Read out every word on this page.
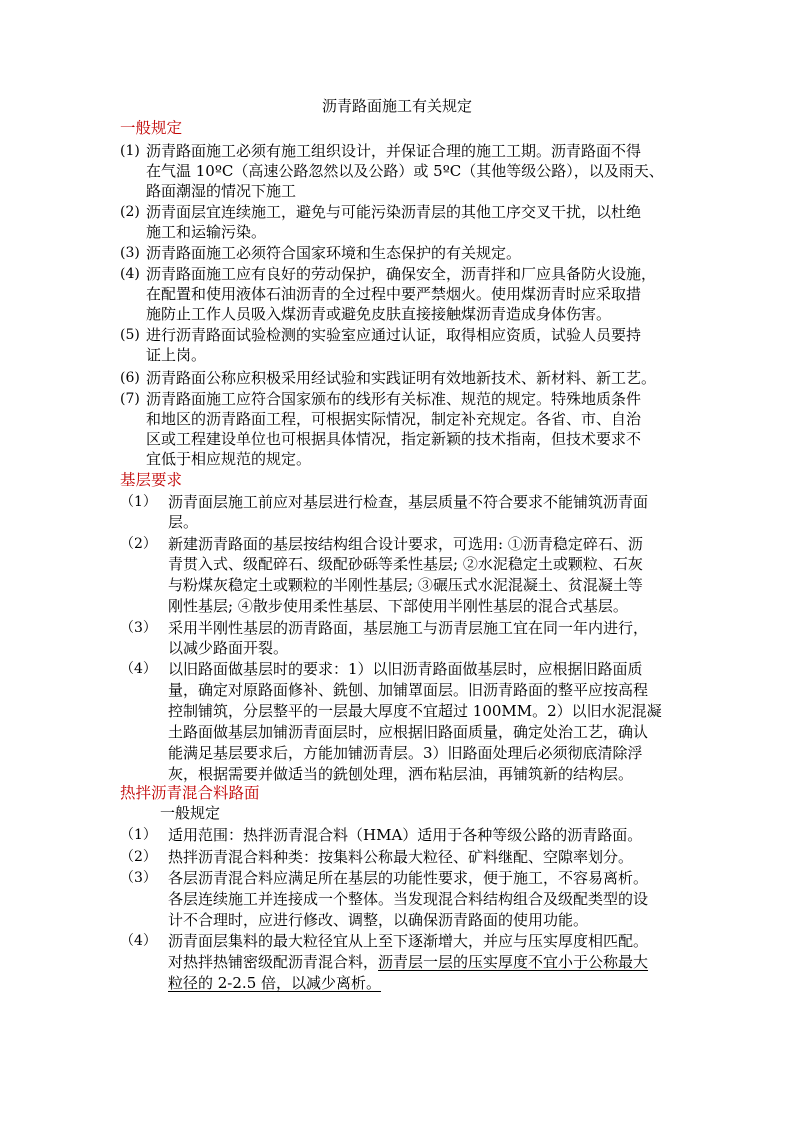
沥青路面施工有关规定
一般规定
(1) 沥青路面施工必须有施工组织设计，并保证合理的施工工期。沥青路面不得
在气温 10ºC（高速公路忽然以及公路）或 5ºC（其他等级公路），以及雨天、
路面潮湿的情况下施工
(2) 沥青面层宜连续施工，避免与可能污染沥青层的其他工序交叉干扰，以杜绝
施工和运输污染。
(3) 沥青路面施工必须符合国家环境和生态保护的有关规定。
(4) 沥青路面施工应有良好的劳动保护，确保安全，沥青拌和厂应具备防火设施，
在配置和使用液体石油沥青的全过程中要严禁烟火。使用煤沥青时应采取措
施防止工作人员吸入煤沥青或避免皮肤直接接触煤沥青造成身体伤害。
(5) 进行沥青路面试验检测的实验室应通过认证，取得相应资质，试验人员要持
证上岗。
(6) 沥青路面公称应积极采用经试验和实践证明有效地新技术、新材料、新工艺。
(7) 沥青路面施工应符合国家颁布的线形有关标准、规范的规定。特殊地质条件
和地区的沥青路面工程，可根据实际情况，制定补充规定。各省、市、自治
区或工程建设单位也可根据具体情况，指定新颖的技术指南，但技术要求不
宜低于相应规范的规定。
基层要求
（1） 沥青面层施工前应对基层进行检查，基层质量不符合要求不能铺筑沥青面
层。
（2） 新建沥青路面的基层按结构组合设计要求，可选用: ①沥青稳定碎石、沥
青贯入式、级配碎石、级配砂砾等柔性基层; ②水泥稳定土或颗粒、石灰
与粉煤灰稳定土或颗粒的半刚性基层; ③碾压式水泥混凝土、贫混凝土等
刚性基层; ④散步使用柔性基层、下部使用半刚性基层的混合式基层。
（3） 采用半刚性基层的沥青路面，基层施工与沥青层施工宜在同一年内进行，
以减少路面开裂。
（4） 以旧路面做基层时的要求：1）以旧沥青路面做基层时，应根据旧路面质
量，确定对原路面修补、銑刨、加铺罩面层。旧沥青路面的整平应按高程
控制铺筑，分层整平的一层最大厚度不宜超过 100MM。2）以旧水泥混凝
土路面做基层加铺沥青面层时，应根据旧路面质量，确定处治工艺，确认
能满足基层要求后，方能加铺沥青层。3）旧路面处理后必须彻底清除浮
灰，根据需要并做适当的銑刨处理，洒布粘层油，再铺筑新的结构层。
热拌沥青混合料路面
一般规定
（1） 适用范围：热拌沥青混合料（HMA）适用于各种等级公路的沥青路面。
（2） 热拌沥青混合料种类：按集料公称最大粒径、矿料继配、空隙率划分。
（3） 各层沥青混合料应满足所在基层的功能性要求，便于施工，不容易离析。
各层连续施工并连接成一个整体。当发现混合料结构组合及级配类型的设
计不合理时，应进行修改、调整，以确保沥青路面的使用功能。
（4） 沥青面层集料的最大粒径宜从上至下逐渐增大，并应与压实厚度相匹配。
对热拌热铺密级配沥青混合料，沥青层一层的压实厚度不宜小于公称最大
粒径的 2-2.5 倍，以减少离析。
